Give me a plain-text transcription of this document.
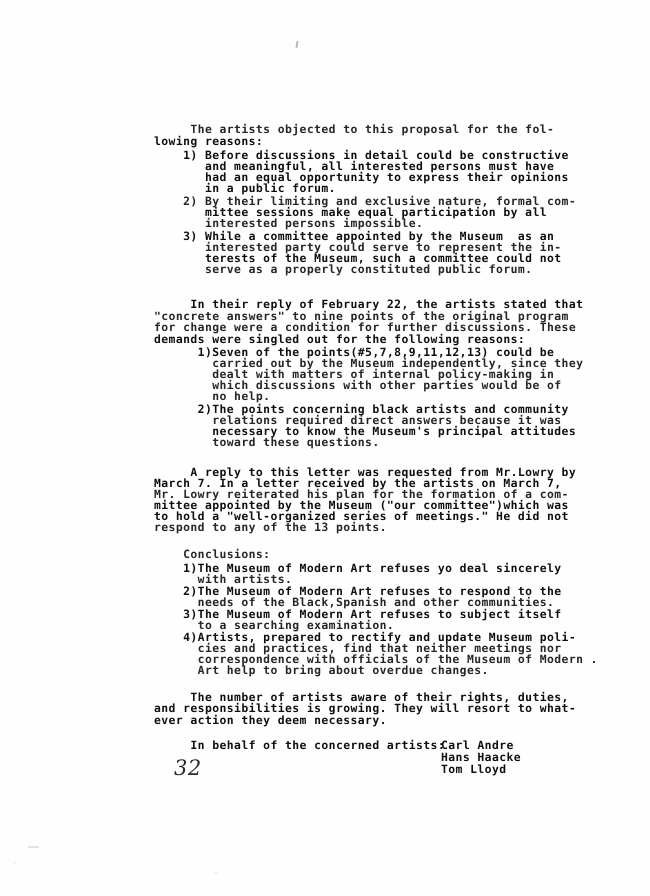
The artists objected to this proposal for the fol-
lowing reasons:
1) Before discussions in detail could be constructive
and meaningful, all interested persons must have
had an equal opportunity to express their opinions
in a public forum.
2) By their limiting and exclusive nature, formal com-
mittee sessions make equal participation by all
interested persons impossible.
3) While a committee appointed by the Museum  as an
interested party could serve to represent the in-
terests of the Museum, such a committee could not
serve as a properly constituted public forum.
In their reply of February 22, the artists stated that
"concrete answers" to nine points of the original program
for change were a condition for further discussions. These
demands were singled out for the following reasons:
1)Seven of the points(#5,7,8,9,11,12,13) could be
carried out by the Museum independently, since they
dealt with matters of internal policy-making in
which discussions with other parties would be of
no help.
2)The points concerning black artists and community
relations required direct answers because it was
necessary to know the Museum's principal attitudes
toward these questions.
A reply to this letter was requested from Mr.Lowry by
March 7. In a letter received by the artists on March 7,
Mr. Lowry reiterated his plan for the formation of a com-
mittee appointed by the Museum ("our committee")which was
to hold a "well-organized series of meetings." He did not
respond to any of the 13 points.
Conclusions:
1)The Museum of Modern Art refuses yo deal sincerely
with artists.
2)The Museum of Modern Art refuses to respond to the
needs of the Black,Spanish and other communities.
3)The Museum of Modern Art refuses to subject itself
to a searching examination.
4)Artists, prepared to rectify and update Museum poli-
cies and practices, find that neither meetings nor
correspondence with officials of the Museum of Modern .
Art help to bring about overdue changes.
The number of artists aware of their rights, duties,
and responsibilities is growing. They will resort to what-
ever action they deem necessary.
In behalf of the concerned artists:
Carl Andre
Hans Haacke
Tom Lloyd
32
